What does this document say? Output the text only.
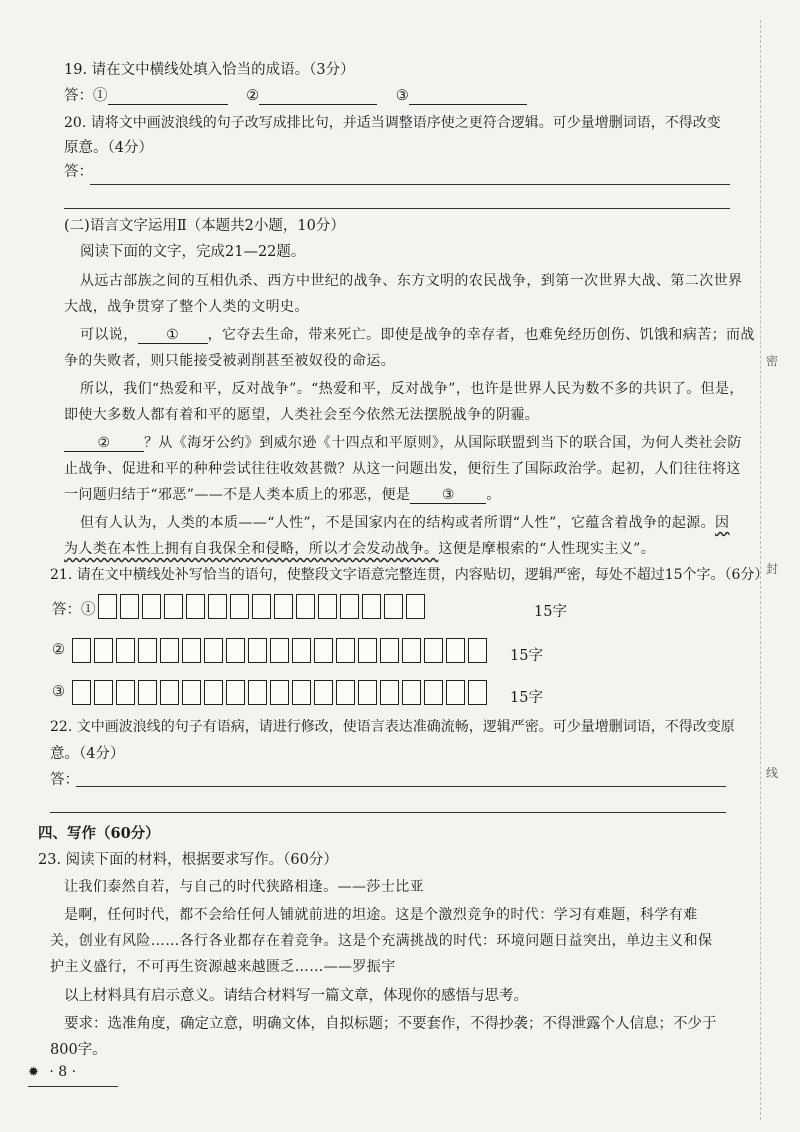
密
封
线
19. 请在文中横线处填入恰当的成语。（3分）
答：①	②	③
20. 请将文中画波浪线的句子改写成排比句，并适当调整语序使之更符合逻辑。可少量增删词语，不得改变
原意。（4分）
答：
(二)语言文字运用Ⅱ（本题共2小题，10分）
阅读下面的文字，完成21—22题。
从远古部族之间的互相仇杀、西方中世纪的战争、东方文明的农民战争，到第一次世界大战、第二次世界
大战，战争贯穿了整个人类的文明史。
可以说， ① ，它夺去生命，带来死亡。即使是战争的幸存者，也难免经历创伤、饥饿和病苦；而战
争的失败者，则只能接受被剥削甚至被奴役的命运。
所以，我们“热爱和平，反对战争”。“热爱和平，反对战争”，也许是世界人民为数不多的共识了。但是，
即使大多数人都有着和平的愿望，人类社会至今依然无法摆脱战争的阴霾。
② ？从《海牙公约》到威尔逊《十四点和平原则》，从国际联盟到当下的联合国，为何人类社会防
止战争、促进和平的种种尝试往往收效甚微？从这一问题出发，便衍生了国际政治学。起初，人们往往将这
一问题归结于“邪恶”——不是人类本质上的邪恶，便是 ③ 。
但有人认为，人类的本质——“人性”，不是国家内在的结构或者所谓“人性”，它蕴含着战争的起源。因
为人类在本性上拥有自我保全和侵略，所以才会发动战争。这便是摩根索的“人性现实主义”。
21. 请在文中横线处补写恰当的语句，使整段文字语意完整连贯，内容贴切，逻辑严密，每处不超过15个字。（6分）
答：①	15字
②	15字
③	15字
22. 文中画波浪线的句子有语病，请进行修改，使语言表达准确流畅，逻辑严密。可少量增删词语，不得改变原
意。（4分）
答：
四、写作（60分）
23. 阅读下面的材料，根据要求写作。（60分）
让我们泰然自若，与自己的时代狭路相逢。——莎士比亚
是啊，任何时代，都不会给任何人铺就前进的坦途。这是个激烈竞争的时代：学习有难题，科学有难
关，创业有风险……各行各业都存在着竞争。这是个充满挑战的时代：环境问题日益突出，单边主义和保
护主义盛行，不可再生资源越来越匮乏……——罗振宇
以上材料具有启示意义。请结合材料写一篇文章，体现你的感悟与思考。
要求：选准角度，确定立意，明确文体，自拟标题；不要套作，不得抄袭；不得泄露个人信息；不少于
800字。
✹ · 8 ·
